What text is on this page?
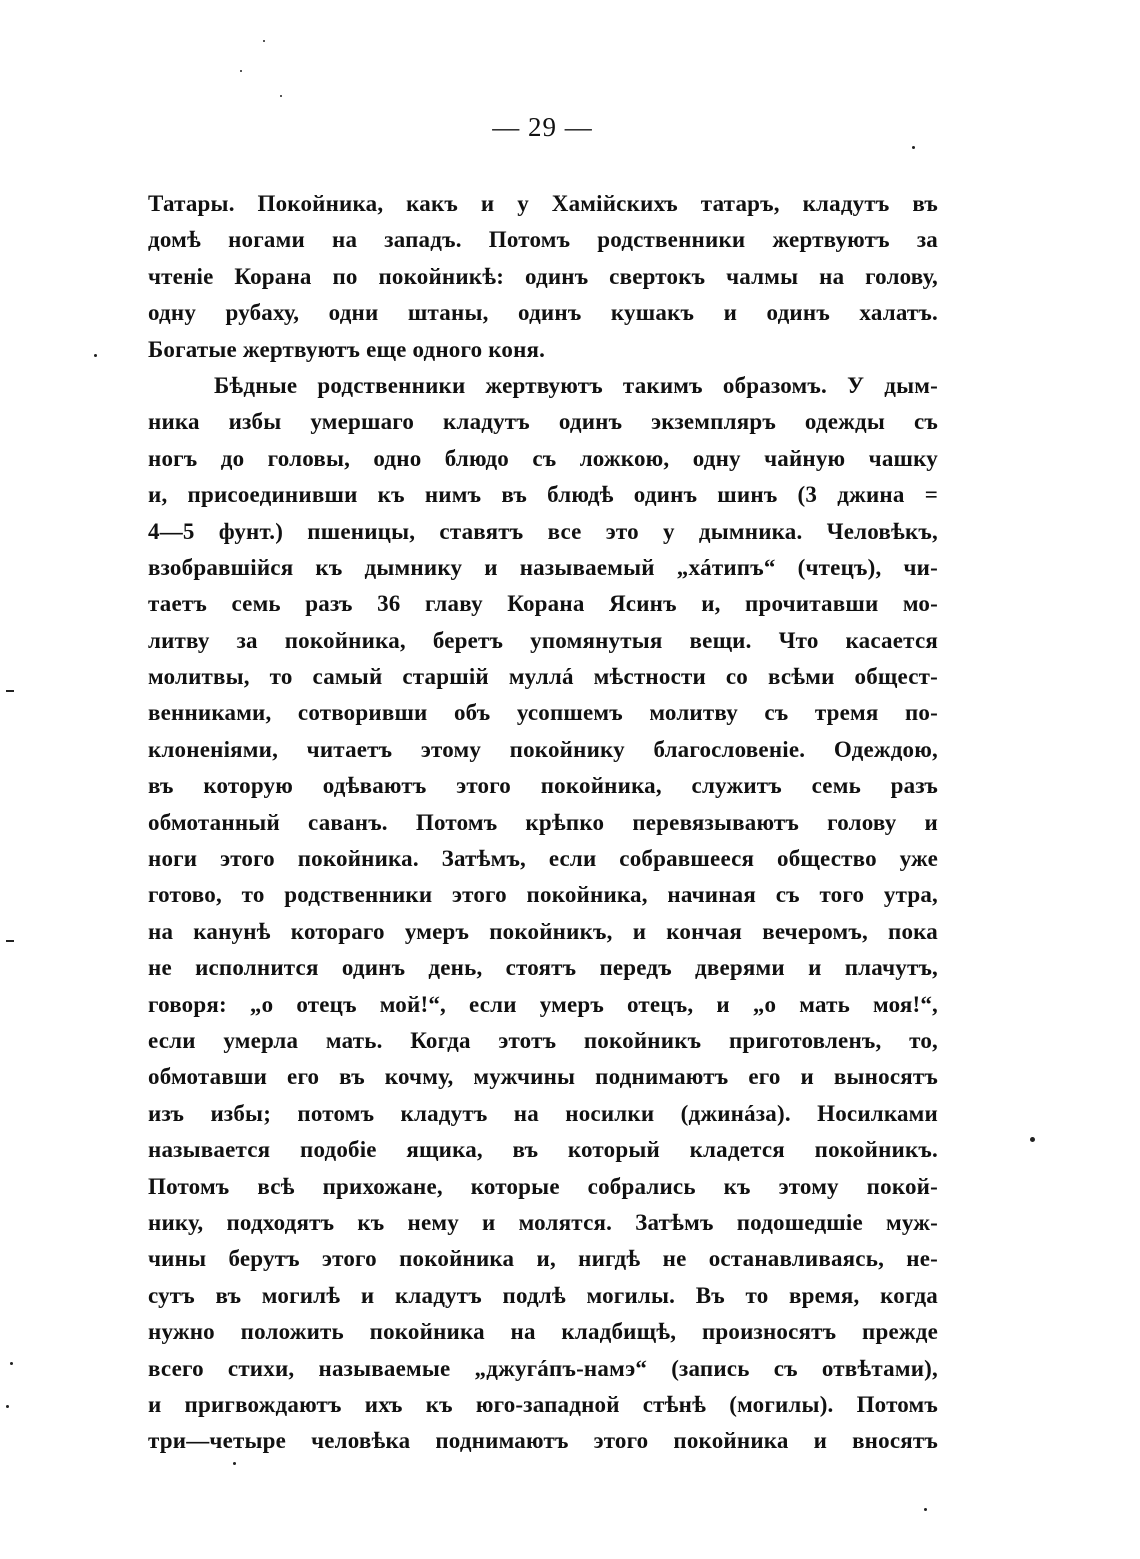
— 29 —
Татары. Покойника, какъ и у Хамійскихъ татаръ, кладутъ въ
домѣ ногами на западъ. Потомъ родственники жертвуютъ за
чтеніе Корана по покойникѣ: одинъ свертокъ чалмы на голову,
одну рубаху, одни штаны, одинъ кушакъ и одинъ халатъ.
Богатые жертвуютъ еще одного коня.
Бѣдные родственники жертвуютъ такимъ образомъ. У дым-
ника избы умершаго кладутъ одинъ экземпляръ одежды съ
ногъ до головы, одно блюдо съ ложкою, одну чайную чашку
и, присоединивши къ нимъ въ блюдѣ одинъ шинъ (3 джина =
4—5 фунт.) пшеницы, ставятъ все это у дымника. Человѣкъ,
взобравшійся къ дымнику и называемый „хáтипъ“ (чтецъ), чи-
таетъ семь разъ 36 главу Корана Ясинъ и, прочитавши мо-
литву за покойника, беретъ упомянутыя вещи. Что касается
молитвы, то самый старшій муллá мѣстности со всѣми общест-
венниками, сотворивши объ усопшемъ молитву съ тремя по-
клоненіями, читаетъ этому покойнику благословеніе. Одеждою,
въ которую одѣваютъ этого покойника, служитъ семь разъ
обмотанный саванъ. Потомъ крѣпко перевязываютъ голову и
ноги этого покойника. Затѣмъ, если собравшееся общество уже
готово, то родственники этого покойника, начиная съ того утра,
на канунѣ котораго умеръ покойникъ, и кончая вечеромъ, пока
не исполнится одинъ день, стоятъ передъ дверями и плачутъ,
говоря: „о отецъ мой!“, если умеръ отецъ, и „о мать моя!“,
если умерла мать. Когда этотъ покойникъ приготовленъ, то,
обмотавши его въ кочму, мужчины поднимаютъ его и выносятъ
изъ избы; потомъ кладутъ на носилки (джинáза). Носилками
называется подобіе ящика, въ который кладется покойникъ.
Потомъ всѣ прихожане, которые собрались къ этому покой-
нику, подходятъ къ нему и молятся. Затѣмъ подошедшіе муж-
чины берутъ этого покойника и, нигдѣ не останавливаясь, не-
сутъ въ могилѣ и кладутъ подлѣ могилы. Въ то время, когда
нужно положить покойника на кладбищѣ, произносятъ прежде
всего стихи, называемые „джугáпъ-намэ“ (запись съ отвѣтами),
и пригвождаютъ ихъ къ юго-западной стѣнѣ (могилы). Потомъ
три—четыре человѣка поднимаютъ этого покойника и вносятъ
